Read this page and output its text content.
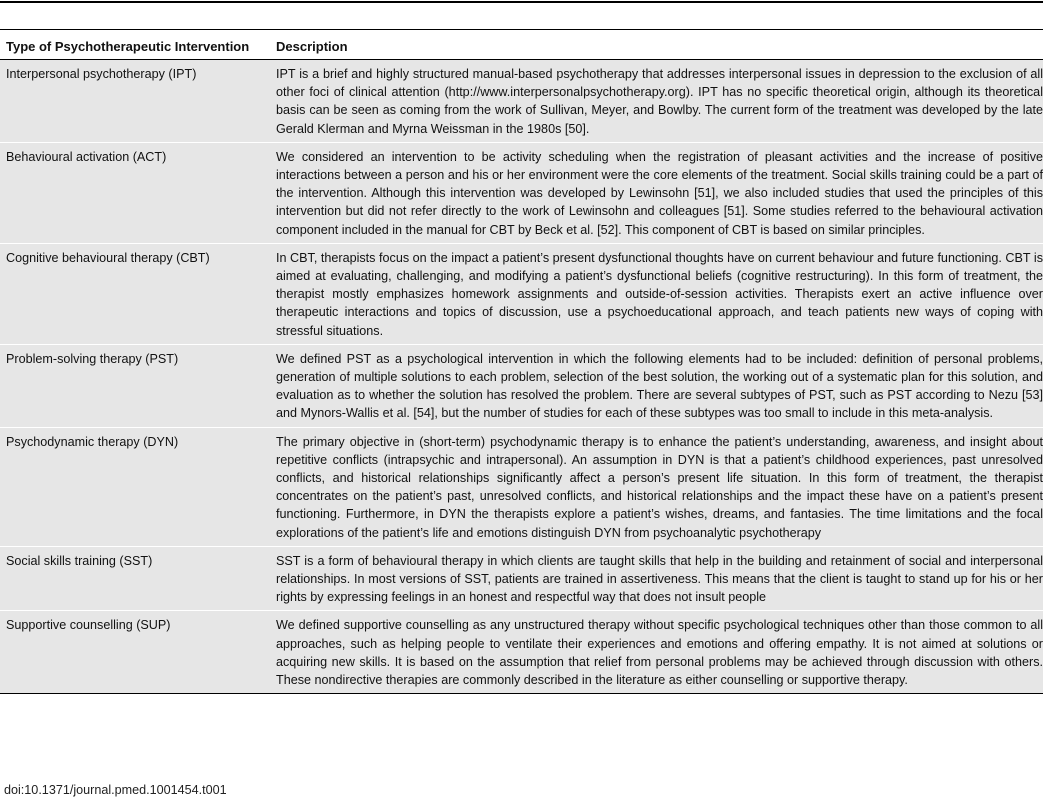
Type of Psychotherapeutic Intervention	Description
Interpersonal psychotherapy (IPT)	IPT is a brief and highly structured manual-based psychotherapy that addresses interpersonal issues in depression to the exclusion of all other foci of clinical attention (http://www.interpersonalpsychotherapy.org). IPT has no specific theoretical origin, although its theoretical basis can be seen as coming from the work of Sullivan, Meyer, and Bowlby. The current form of the treatment was developed by the late Gerald Klerman and Myrna Weissman in the 1980s [50].
Behavioural activation (ACT)	We considered an intervention to be activity scheduling when the registration of pleasant activities and the increase of positive interactions between a person and his or her environment were the core elements of the treatment. Social skills training could be a part of the intervention. Although this intervention was developed by Lewinsohn [51], we also included studies that used the principles of this intervention but did not refer directly to the work of Lewinsohn and colleagues [51]. Some studies referred to the behavioural activation component included in the manual for CBT by Beck et al. [52]. This component of CBT is based on similar principles.
Cognitive behavioural therapy (CBT)	In CBT, therapists focus on the impact a patient’s present dysfunctional thoughts have on current behaviour and future functioning. CBT is aimed at evaluating, challenging, and modifying a patient’s dysfunctional beliefs (cognitive restructuring). In this form of treatment, the therapist mostly emphasizes homework assignments and outside-of-session activities. Therapists exert an active influence over therapeutic interactions and topics of discussion, use a psychoeducational approach, and teach patients new ways of coping with stressful situations.
Problem-solving therapy (PST)	We defined PST as a psychological intervention in which the following elements had to be included: definition of personal problems, generation of multiple solutions to each problem, selection of the best solution, the working out of a systematic plan for this solution, and evaluation as to whether the solution has resolved the problem. There are several subtypes of PST, such as PST according to Nezu [53] and Mynors-Wallis et al. [54], but the number of studies for each of these subtypes was too small to include in this meta-analysis.
Psychodynamic therapy (DYN)	The primary objective in (short-term) psychodynamic therapy is to enhance the patient’s understanding, awareness, and insight about repetitive conflicts (intrapsychic and intrapersonal). An assumption in DYN is that a patient’s childhood experiences, past unresolved conflicts, and historical relationships significantly affect a person’s present life situation. In this form of treatment, the therapist concentrates on the patient’s past, unresolved conflicts, and historical relationships and the impact these have on a patient’s present functioning. Furthermore, in DYN the therapists explore a patient’s wishes, dreams, and fantasies. The time limitations and the focal explorations of the patient’s life and emotions distinguish DYN from psychoanalytic psychotherapy
Social skills training (SST)	SST is a form of behavioural therapy in which clients are taught skills that help in the building and retainment of social and interpersonal relationships. In most versions of SST, patients are trained in assertiveness. This means that the client is taught to stand up for his or her rights by expressing feelings in an honest and respectful way that does not insult people
Supportive counselling (SUP)	We defined supportive counselling as any unstructured therapy without specific psychological techniques other than those common to all approaches, such as helping people to ventilate their experiences and emotions and offering empathy. It is not aimed at solutions or acquiring new skills. It is based on the assumption that relief from personal problems may be achieved through discussion with others. These nondirective therapies are commonly described in the literature as either counselling or supportive therapy.
doi:10.1371/journal.pmed.1001454.t001
